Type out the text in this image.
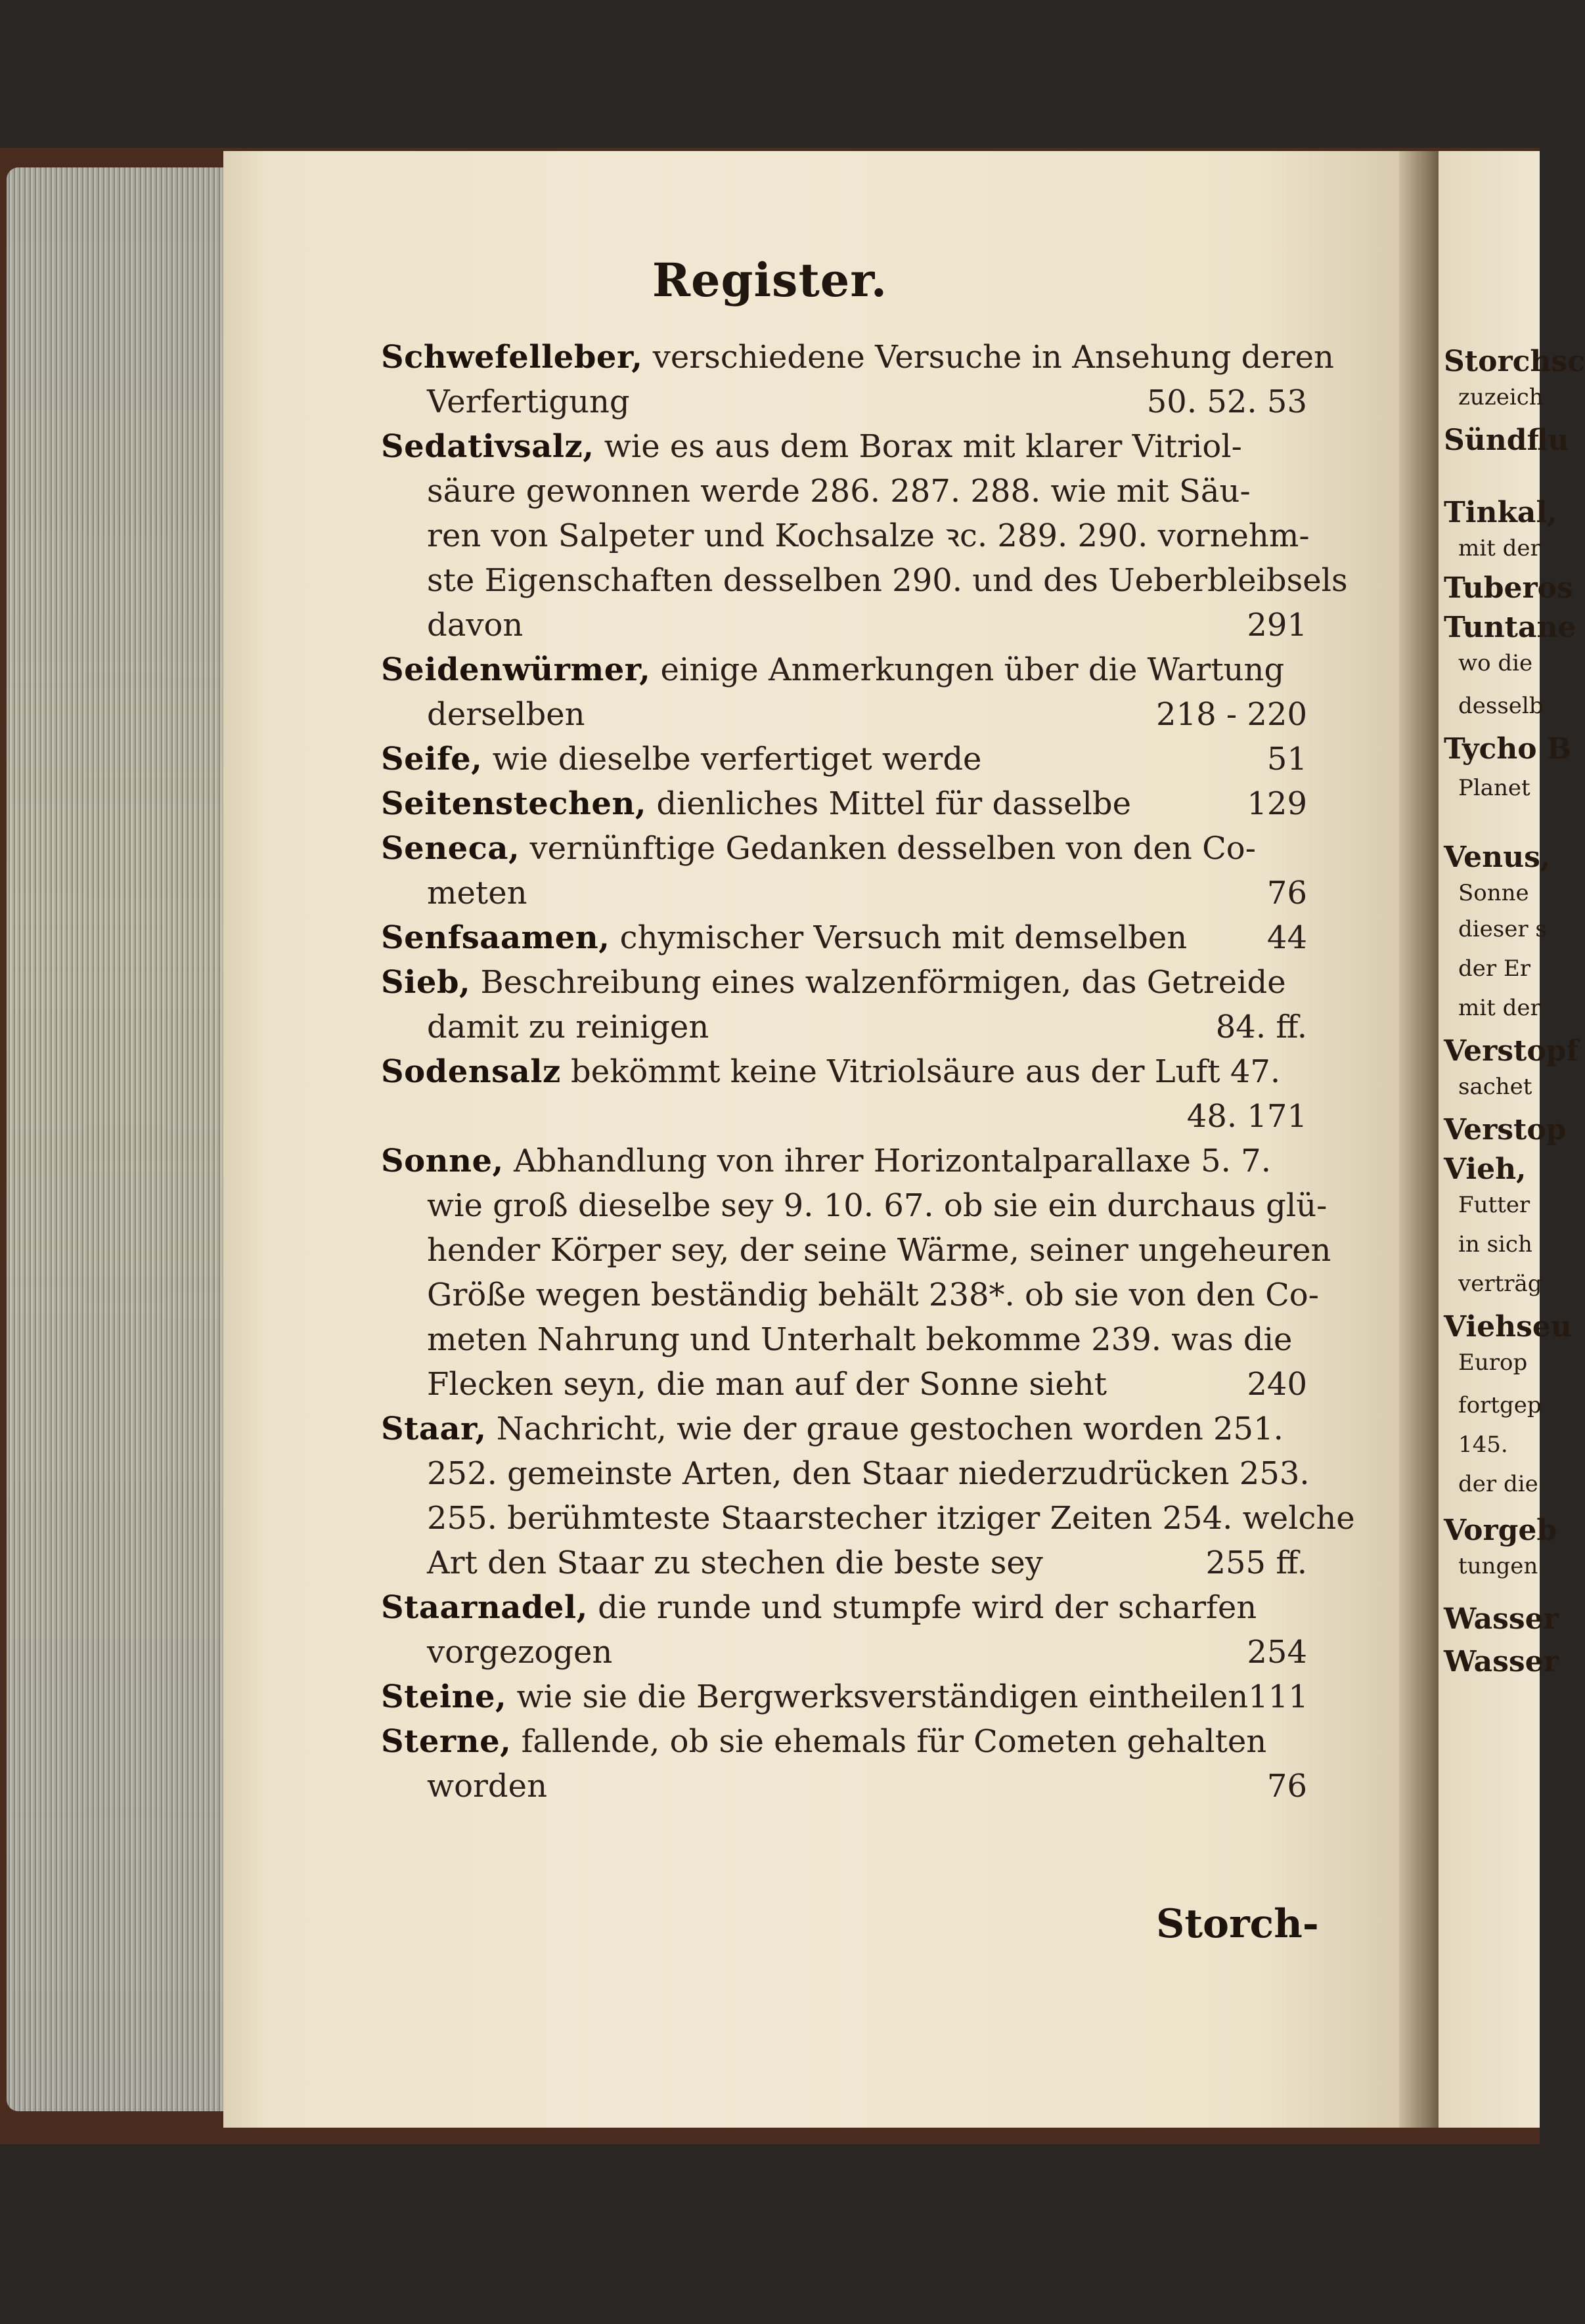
Storchsc
zuzeich
Sündflu
Tinkal,
mit der
Tuberos
Tuntane
wo die
desselb
Tycho B
Planet
Venus,
Sonne
dieser s
der Er
mit der
Verstopf
sachet
Verstop
Vieh,
Futter
in sich
verträg
Viehseu
Europ
fortgep
145.
der die
Vorgeb
tungen
Wasser
Wasser
Register.
Schwefelleber, verschiedene Versuche in Ansehung deren
Verfertigung	50. 52. 53
Sedativsalz, wie es aus dem Borax mit klarer Vitriol-
säure gewonnen werde 286. 287. 288. wie mit Säu-
ren von Salpeter und Kochsalze ꝛc. 289. 290. vornehm-
ste Eigenschaften desselben 290. und des Ueberbleibsels
davon	291
Seidenwürmer, einige Anmerkungen über die Wartung
derselben	218 - 220
Seife, wie dieselbe verfertiget werde	51
Seitenstechen, dienliches Mittel für dasselbe	129
Seneca, vernünftige Gedanken desselben von den Co-
meten	76
Senfsaamen, chymischer Versuch mit demselben	44
Sieb, Beschreibung eines walzenförmigen, das Getreide
damit zu reinigen	84. ff.
Sodensalz bekömmt keine Vitriolsäure aus der Luft 47.
48. 171
Sonne, Abhandlung von ihrer Horizontalparallaxe 5. 7.
wie groß dieselbe sey 9. 10. 67. ob sie ein durchaus glü-
hender Körper sey, der seine Wärme, seiner ungeheuren
Größe wegen beständig behält 238*. ob sie von den Co-
meten Nahrung und Unterhalt bekomme 239. was die
Flecken seyn, die man auf der Sonne sieht	240
Staar, Nachricht, wie der graue gestochen worden 251.
252. gemeinste Arten, den Staar niederzudrücken 253.
255. berühmteste Staarstecher itziger Zeiten 254. welche
Art den Staar zu stechen die beste sey	255 ff.
Staarnadel, die runde und stumpfe wird der scharfen
vorgezogen	254
Steine, wie sie die Bergwerksverständigen eintheilen 111
Sterne, fallende, ob sie ehemals für Cometen gehalten
worden	76
Storch-
